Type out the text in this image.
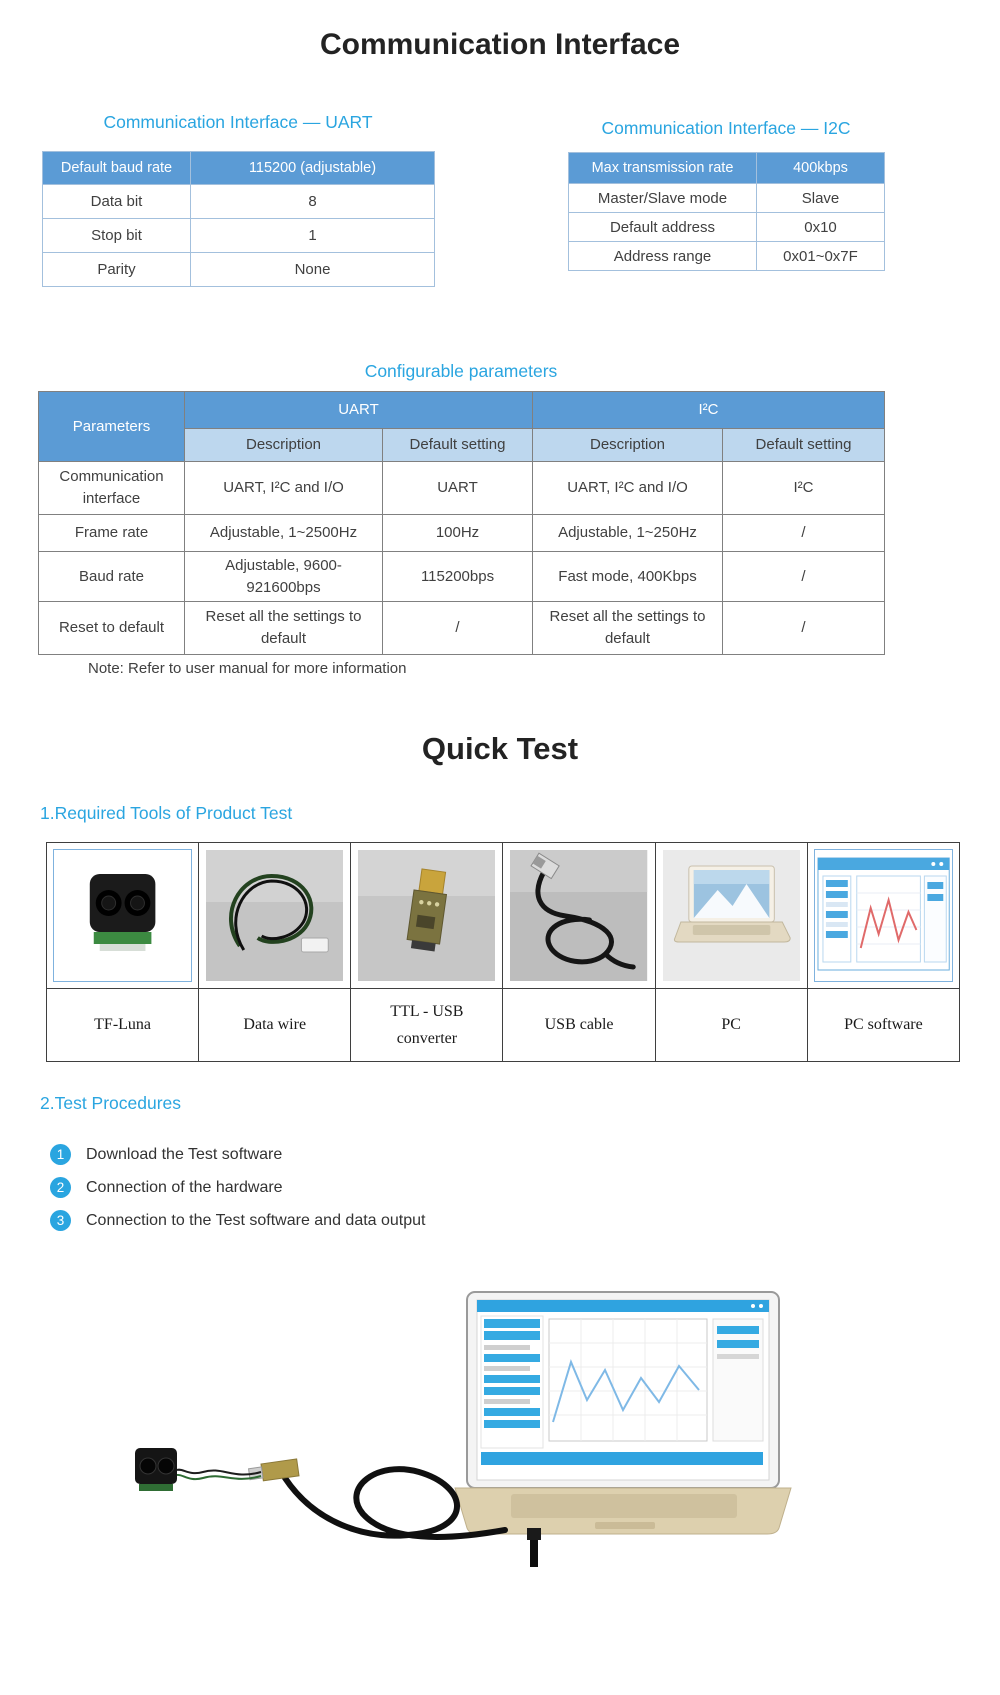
Communication Interface
Communication Interface — UART
Default baud rate	115200 (adjustable)
Data bit	8
Stop bit	1
Parity	None
Communication Interface — I2C
Max transmission rate	400kbps
Master/Slave mode	Slave
Default address	0x10
Address range	0x01~0x7F
Configurable parameters
Parameters	UART		I²C	
	Description	Default setting	Description	Default setting
Communication interface	UART, I²C and I/O	UART	UART, I²C and I/O	I²C
Frame rate	Adjustable, 1~2500Hz	100Hz	Adjustable, 1~250Hz	/
Baud rate	Adjustable, 9600-921600bps	115200bps	Fast mode, 400Kbps	/
Reset to default	Reset all the settings to default	/	Reset all the settings to default	/
Note: Refer to user manual for more information
Quick Test
1.Required Tools of Product Test

TF-Luna	Data wire	TTL - USB converter	USB cable	PC	PC software
2.Test Procedures
1	Download the Test software
2	Connection of the hardware
3	Connection to the Test software and data output
